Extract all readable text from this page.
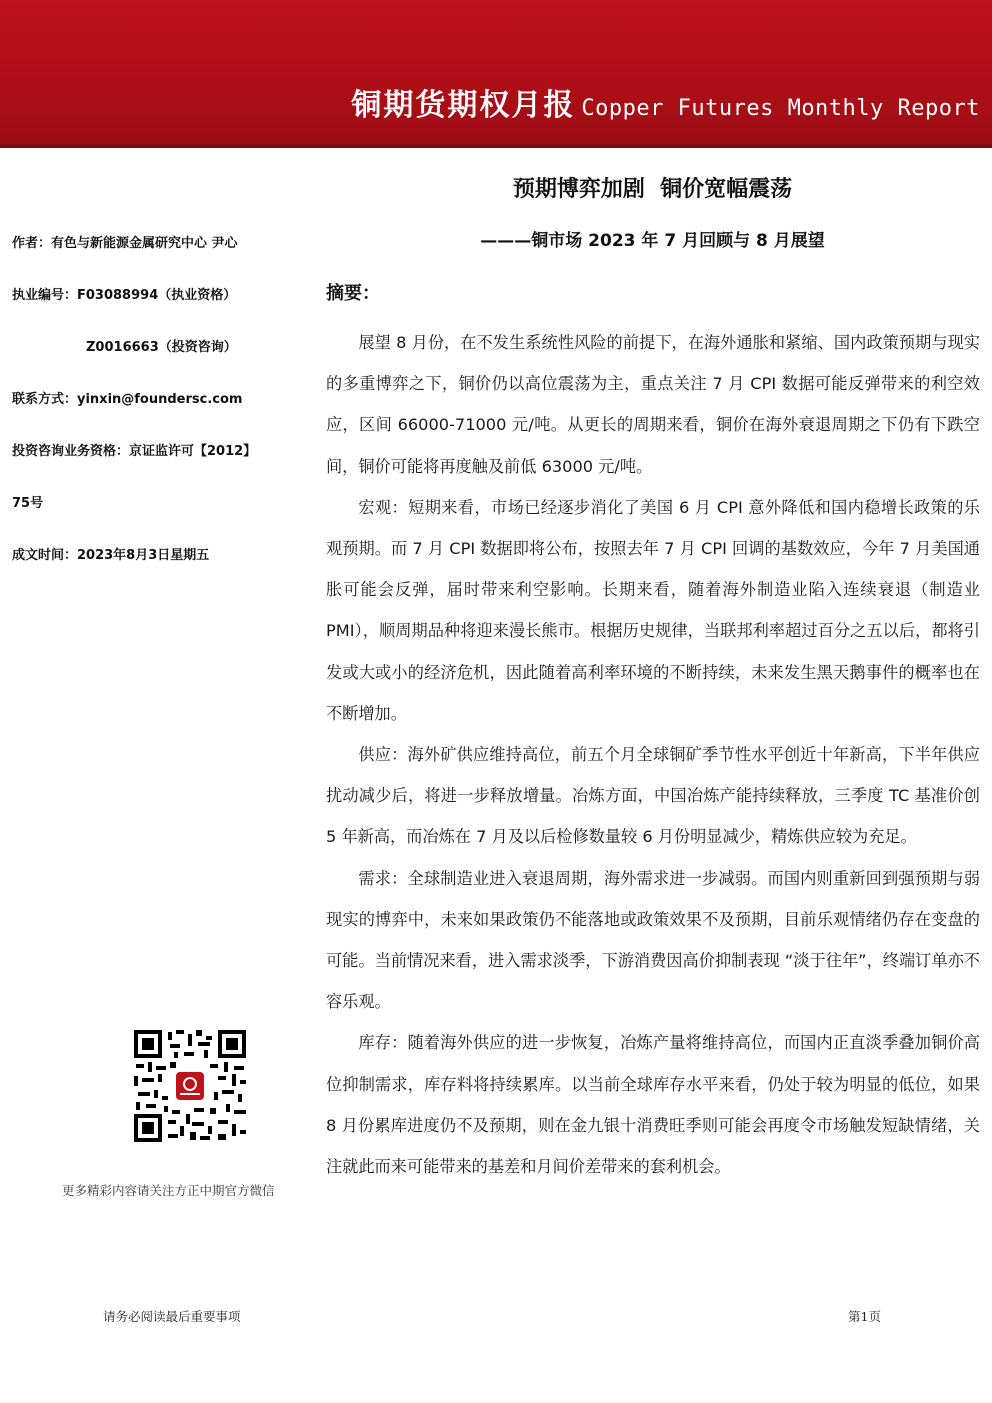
铜期货期权月报 Copper Futures Monthly Report
作者：有色与新能源金属研究中心 尹心
执业编号：F03088994（执业资格）
Z0016663（投资咨询）
联系方式：yinxin@foundersc.com
投资咨询业务资格：京证监许可【2012】
75号
成文时间：2023年8月3日星期五
更多精彩内容请关注方正中期官方微信
预期博弈加剧  铜价宽幅震荡
———铜市场 2023 年 7 月回顾与 8 月展望
摘要：

展望 8 月份，在不发生系统性风险的前提下，在海外通胀和紧缩、国内政策预期与现实的多重博弈之下，铜价仍以高位震荡为主，重点关注 7 月 CPI 数据可能反弹带来的利空效应，区间 66000-71000 元/吨。从更长的周期来看，铜价在海外衰退周期之下仍有下跌空间，铜价可能将再度触及前低 63000 元/吨。

宏观：短期来看，市场已经逐步消化了美国 6 月 CPI 意外降低和国内稳增长政策的乐观预期。而 7 月 CPI 数据即将公布，按照去年 7 月 CPI 回调的基数效应，今年 7 月美国通胀可能会反弹，届时带来利空影响。长期来看，随着海外制造业陷入连续衰退（制造业 PMI），顺周期品种将迎来漫长熊市。根据历史规律，当联邦利率超过百分之五以后，都将引发或大或小的经济危机，因此随着高利率环境的不断持续，未来发生黑天鹅事件的概率也在不断增加。

供应：海外矿供应维持高位，前五个月全球铜矿季节性水平创近十年新高，下半年供应扰动减少后，将进一步释放增量。冶炼方面，中国冶炼产能持续释放，三季度 TC 基准价创 5 年新高，而冶炼在 7 月及以后检修数量较 6 月份明显减少，精炼供应较为充足。

需求：全球制造业进入衰退周期，海外需求进一步减弱。而国内则重新回到强预期与弱现实的博弈中，未来如果政策仍不能落地或政策效果不及预期，目前乐观情绪仍存在变盘的可能。当前情况来看，进入需求淡季，下游消费因高价抑制表现 “淡于往年”，终端订单亦不容乐观。

库存：随着海外供应的进一步恢复，冶炼产量将维持高位，而国内正直淡季叠加铜价高位抑制需求，库存料将持续累库。以当前全球库存水平来看，仍处于较为明显的低位，如果 8 月份累库进度仍不及预期，则在金九银十消费旺季则可能会再度令市场触发短缺情绪，关注就此而来可能带来的基差和月间价差带来的套利机会。

请务必阅读最后重要事项	第1页
